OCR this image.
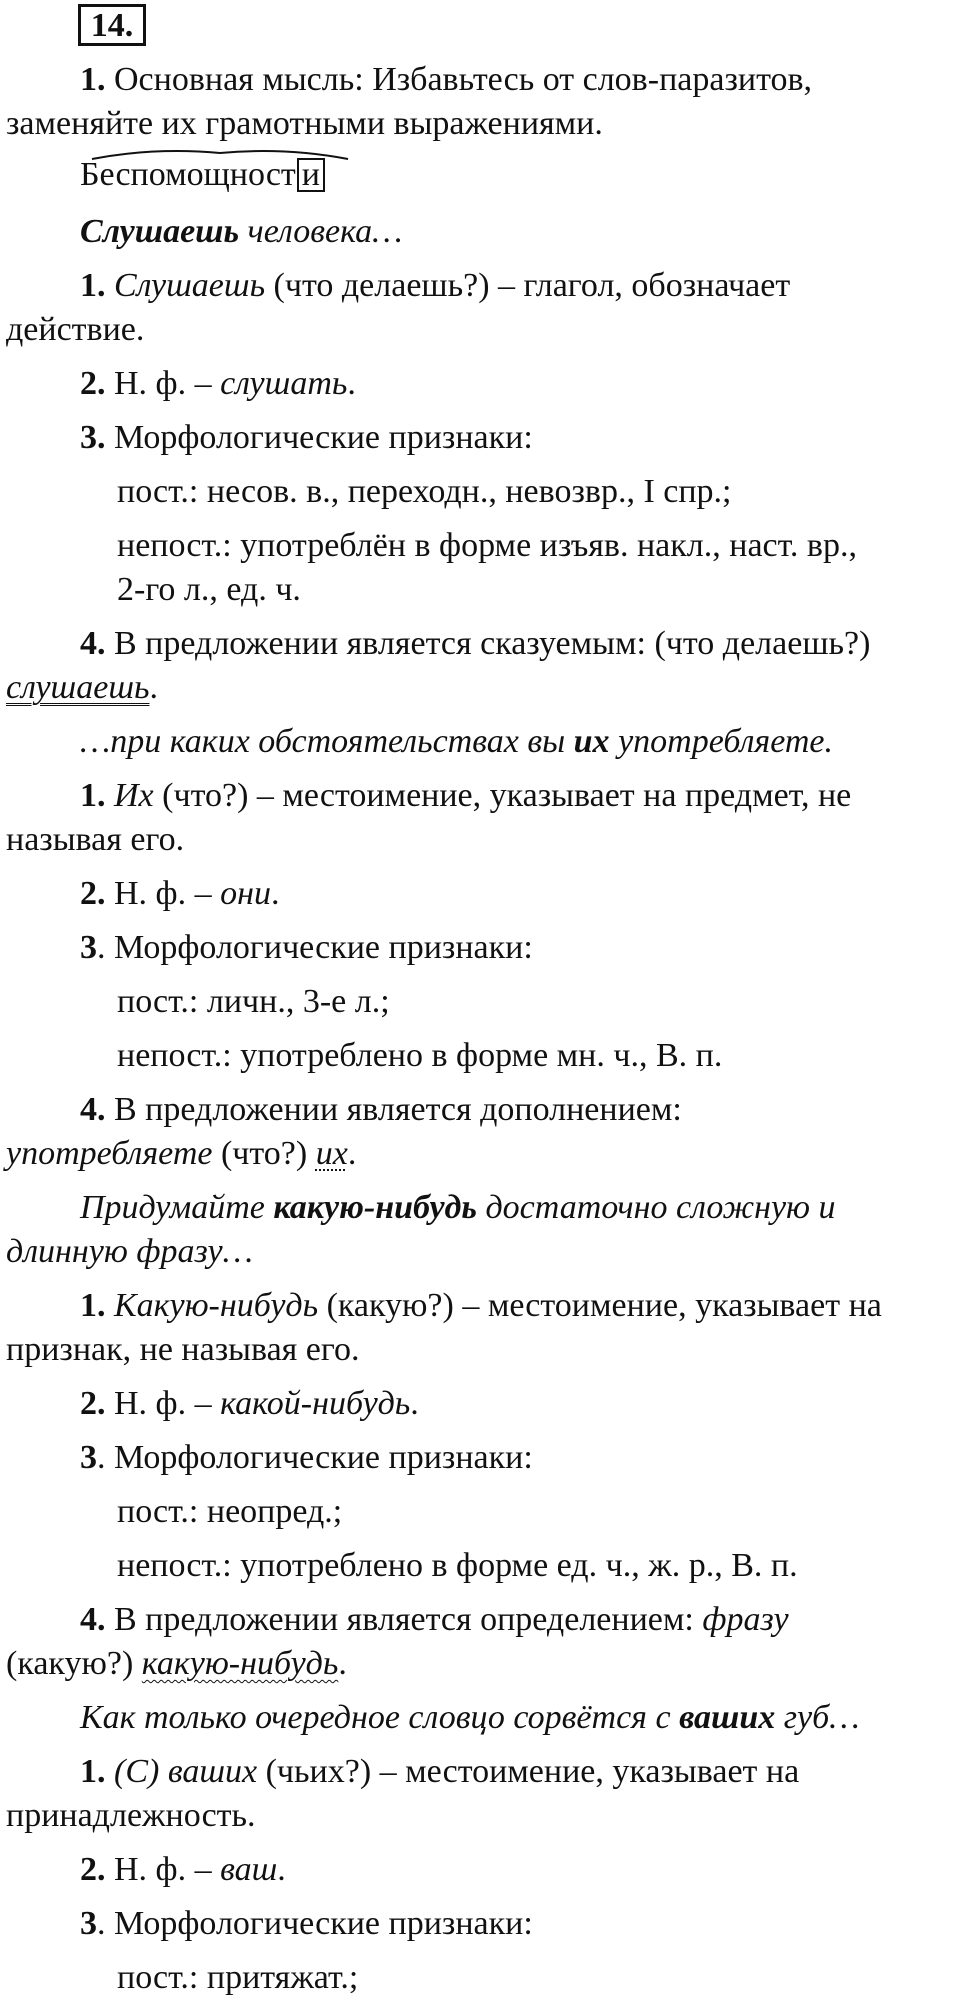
14.
1. Основная мысль: Избавьтесь от слов-паразитов,
заменяйте их грамотными выражениями.
Беспомощност и
Слушаешь человека…
1. Слушаешь (что делаешь?) – глагол, обозначает
действие.
2. Н. ф. – слушать.
3. Морфологические признаки:
пост.: несов. в., переходн., невозвр., I спр.;
непост.: употреблён в форме изъяв. накл., наст. вр.,
2-го л., ед. ч.
4. В предложении является сказуемым: (что делаешь?)
слушаешь.
…при каких обстоятельствах вы их употребляете.
1. Их (что?) – местоимение, указывает на предмет, не
называя его.
2. Н. ф. – они.
3. Морфологические признаки:
пост.: личн., 3-е л.;
непост.: употреблено в форме мн. ч., В. п.
4. В предложении является дополнением:
употребляете (что?) их.
Придумайте какую-нибудь достаточно сложную и
длинную фразу…
1. Какую-нибудь (какую?) – местоимение, указывает на
признак, не называя его.
2. Н. ф. – какой-нибудь.
3. Морфологические признаки:
пост.: неопред.;
непост.: употреблено в форме ед. ч., ж. р., В. п.
4. В предложении является определением: фразу
(какую?) какую-нибудь.
Как только очередное словцо сорвётся с ваших губ…
1. (С) ваших (чьих?) – местоимение, указывает на
принадлежность.
2. Н. ф. – ваш.
3. Морфологические признаки:
пост.: притяжат.;
